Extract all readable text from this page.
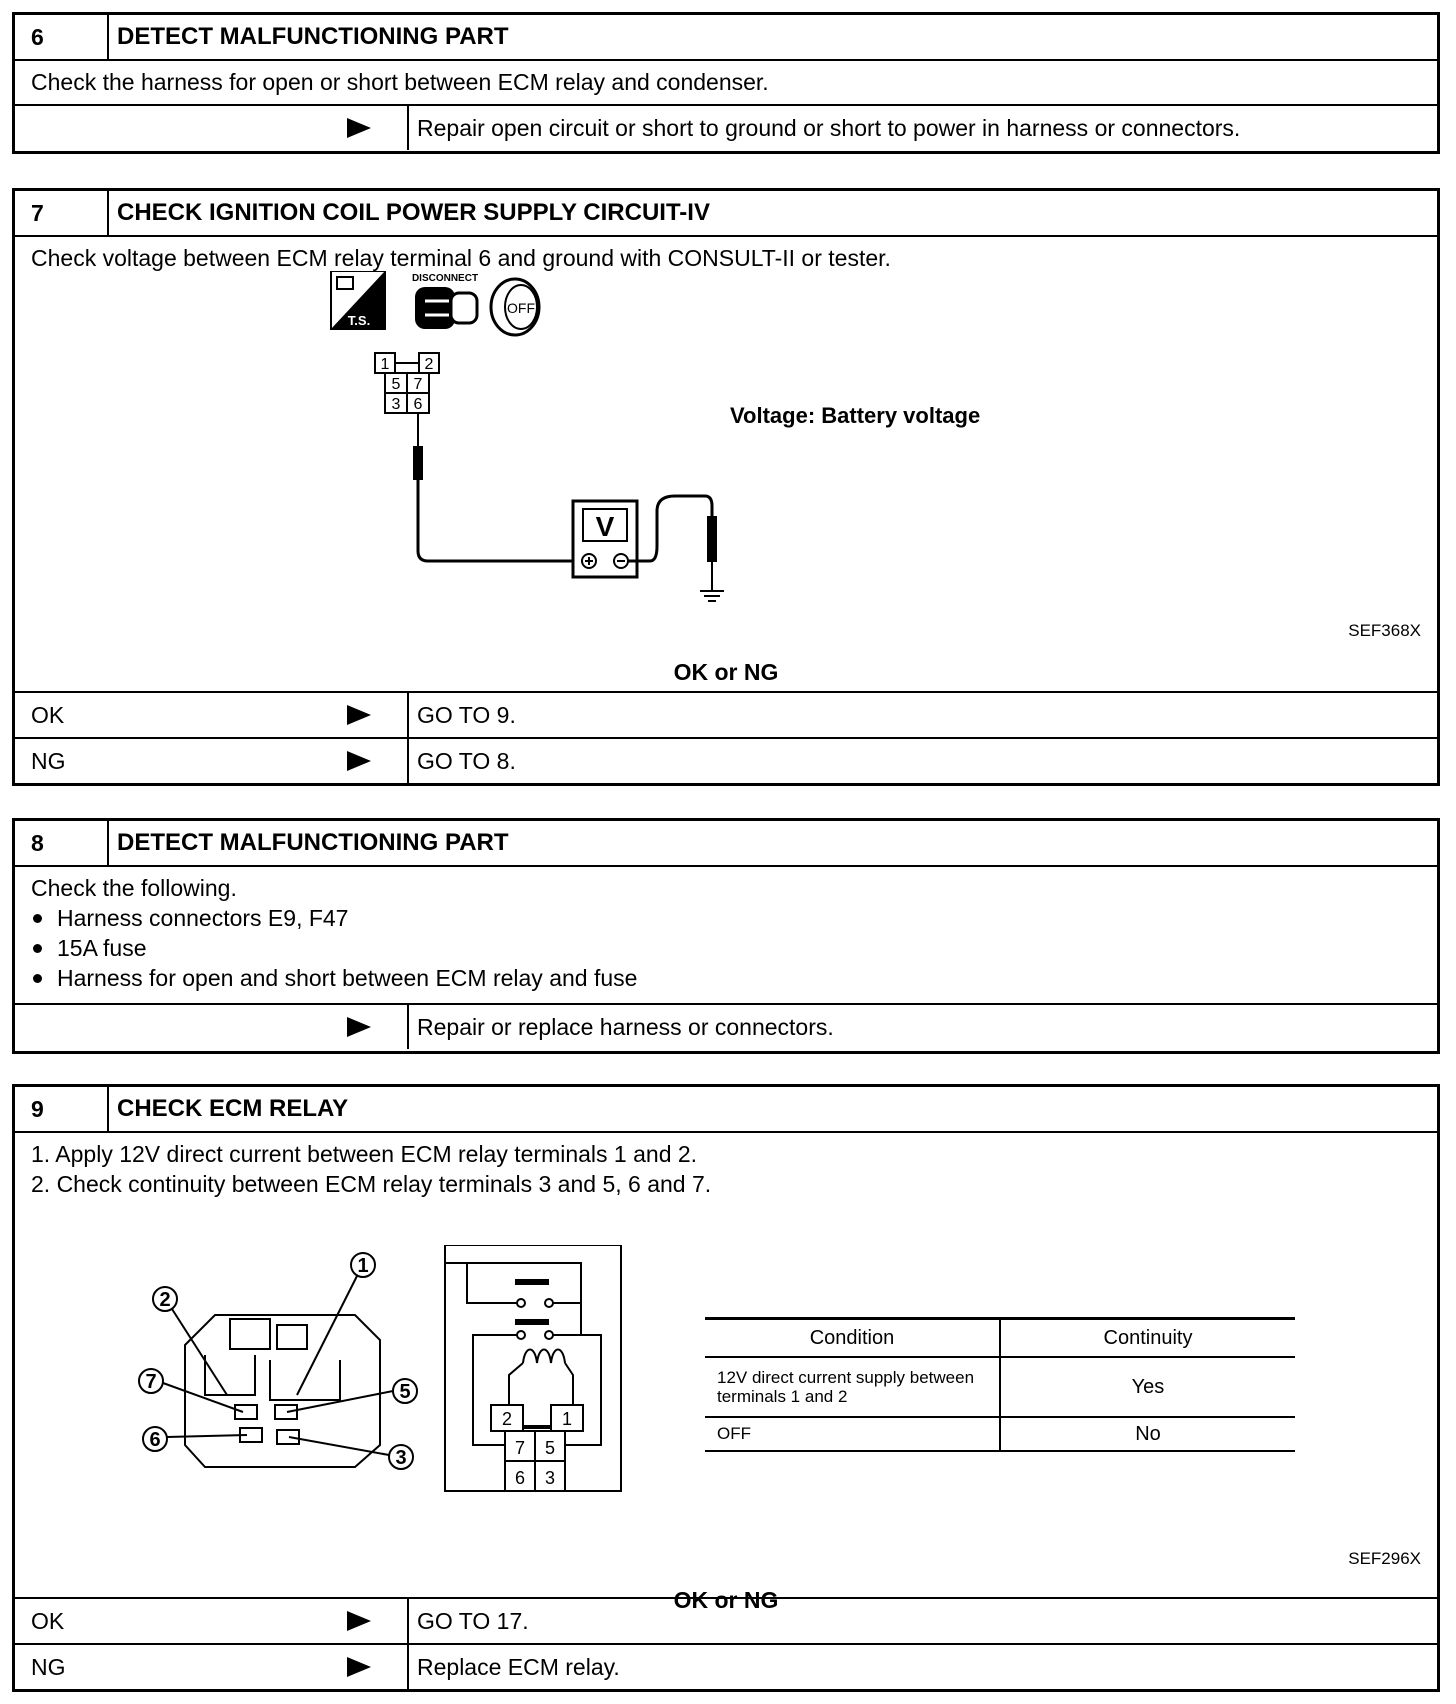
6	DETECT MALFUNCTIONING PART
Check the harness for open or short between ECM relay and condenser.
Repair open circuit or short to ground or short to power in harness or connectors.
7	CHECK IGNITION COIL POWER SUPPLY CIRCUIT-IV
Check voltage between ECM relay terminal 6 and ground with CONSULT-II or tester.
T.S.
DISCONNECT
OFF
1 2
5 7
3 6
V
Voltage: Battery voltage
SEF368X
OK or NG
OK	GO TO 9.
NG	GO TO 8.
8	DETECT MALFUNCTIONING PART
Check the following.
Harness connectors E9, F47
15A fuse
Harness for open and short between ECM relay and fuse
Repair or replace harness or connectors.
9	CHECK ECM RELAY
1. Apply 12V direct current between ECM relay terminals 1 and 2.
2. Check continuity between ECM relay terminals 3 and 5, 6 and 7.
1
2
7	5
6
3
2	1
7 5
6 3
Condition	Continuity
12V direct current supply between terminals 1 and 2	Yes
OFF	No
SEF296X
OK or NG
OK	GO TO 17.
NG	Replace ECM relay.
